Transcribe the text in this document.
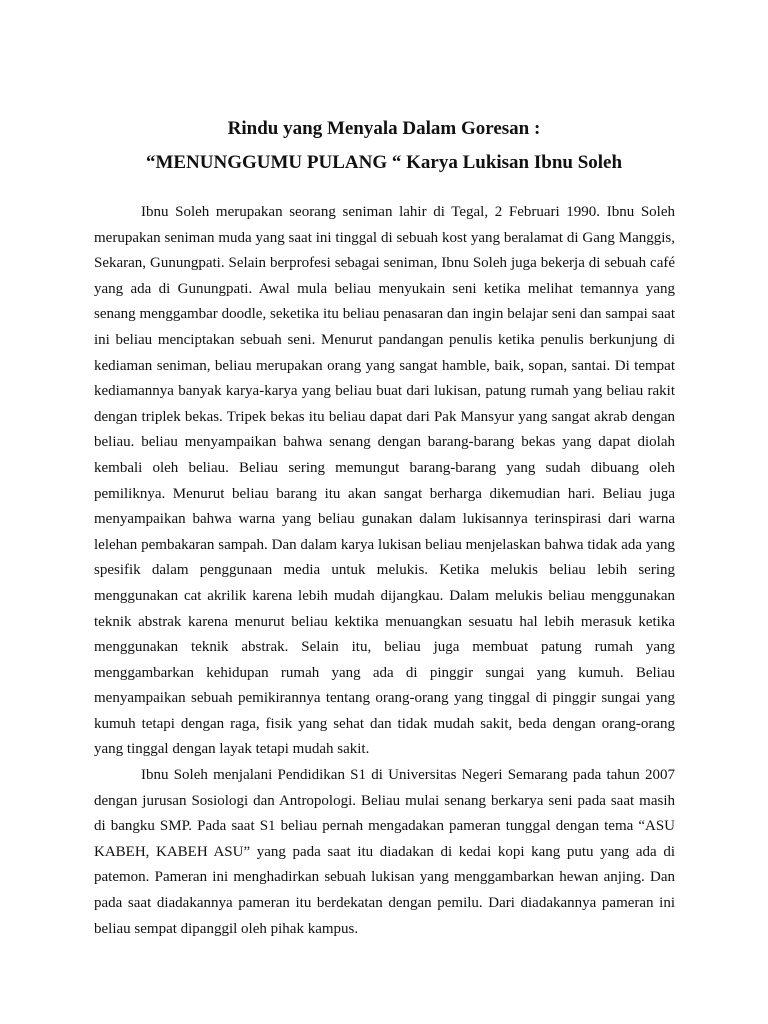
Rindu yang Menyala Dalam Goresan :

“MENUNGGUMU PULANG “ Karya Lukisan Ibnu Soleh

Ibnu Soleh merupakan seorang seniman lahir di Tegal, 2 Februari 1990. Ibnu Soleh merupakan seniman muda yang saat ini tinggal di sebuah kost yang beralamat di Gang Manggis, Sekaran, Gunungpati. Selain berprofesi sebagai seniman, Ibnu Soleh juga bekerja di sebuah café yang ada di Gunungpati. Awal mula beliau menyukain seni ketika melihat temannya yang senang menggambar doodle, seketika itu beliau penasaran dan ingin belajar seni dan sampai saat ini beliau menciptakan sebuah seni. Menurut pandangan penulis ketika penulis berkunjung di kediaman seniman, beliau merupakan orang yang sangat hamble, baik, sopan, santai. Di tempat kediamannya banyak karya-karya yang beliau buat dari lukisan, patung rumah yang beliau rakit dengan triplek bekas. Tripek bekas itu beliau dapat dari Pak Mansyur yang sangat akrab dengan beliau. beliau menyampaikan bahwa senang dengan barang-barang bekas yang dapat diolah kembali oleh beliau. Beliau sering memungut barang-barang yang sudah dibuang oleh pemiliknya. Menurut beliau barang itu akan sangat berharga dikemudian hari. Beliau juga menyampaikan bahwa warna yang beliau gunakan dalam lukisannya terinspirasi dari warna lelehan pembakaran sampah. Dan dalam karya lukisan beliau menjelaskan bahwa tidak ada yang spesifik dalam penggunaan media untuk melukis. Ketika melukis beliau lebih sering menggunakan cat akrilik karena lebih mudah dijangkau. Dalam melukis beliau menggunakan teknik abstrak karena menurut beliau kektika menuangkan sesuatu hal lebih merasuk ketika menggunakan teknik abstrak. Selain itu, beliau juga membuat patung rumah yang menggambarkan kehidupan rumah yang ada di pinggir sungai yang kumuh. Beliau menyampaikan sebuah pemikirannya tentang orang-orang yang tinggal di pinggir sungai yang kumuh tetapi dengan raga, fisik yang sehat dan tidak mudah sakit, beda dengan orang-orang yang tinggal dengan layak tetapi mudah sakit.

Ibnu Soleh menjalani Pendidikan S1 di Universitas Negeri Semarang pada tahun 2007 dengan jurusan Sosiologi dan Antropologi. Beliau mulai senang berkarya seni pada saat masih di bangku SMP. Pada saat S1 beliau pernah mengadakan pameran tunggal dengan tema “ASU KABEH, KABEH ASU” yang pada saat itu diadakan di kedai kopi kang putu yang ada di patemon. Pameran ini menghadirkan sebuah lukisan yang menggambarkan hewan anjing. Dan pada saat diadakannya pameran itu berdekatan dengan pemilu. Dari diadakannya pameran ini beliau sempat dipanggil oleh pihak kampus.
